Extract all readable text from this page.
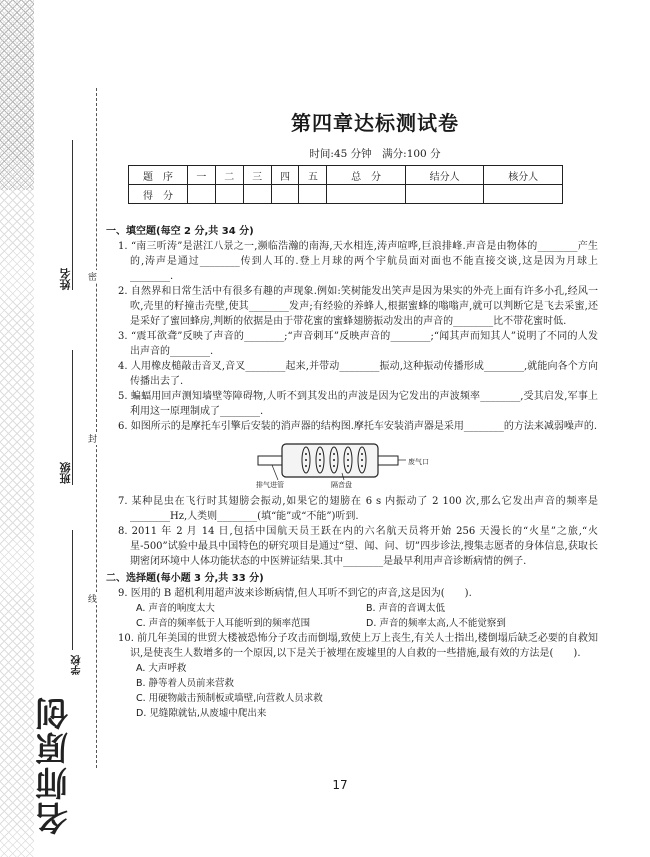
姓名
班级
密
封
线
名师原创
学校
第四章达标测试卷
时间:45 分钟　满分:100 分
题　序	一	二	三	四	五	总　分	结分人	核分人
得　分								
一、填空题(每空 2 分,共 34 分)
1. “南三听涛”是湛江八景之一,濒临浩瀚的南海,天水相连,涛声喧哗,巨浪排峰.声音是由物体的________产生的,涛声是通过________传到人耳的.登上月球的两个宇航员面对面也不能直接交谈,这是因为月球上________.
2. 自然界和日常生活中有很多有趣的声现象.例如:笑树能发出笑声是因为果实的外壳上面有许多小孔,经风一吹,壳里的籽撞击壳壁,使其________发声;有经验的养蜂人,根据蜜蜂的嗡嗡声,就可以判断它是飞去采蜜,还是采好了蜜回蜂房,判断的依据是由于带花蜜的蜜蜂翅膀振动发出的声音的________比不带花蜜时低.
3. “震耳欲聋”反映了声音的________;“声音刺耳”反映声音的________;“闻其声而知其人”说明了不同的人发出声音的________.
4. 人用橡皮槌敲击音叉,音叉________起来,并带动________振动,这种振动传播形成________,就能向各个方向传播出去了.
5. 蝙蝠用回声测知墙壁等障碍物,人听不到其发出的声波是因为它发出的声波频率________,受其启发,军事上利用这一原理制成了________.
6. 如图所示的是摩托车引擎后安装的消声器的结构图.摩托车安装消声器是采用________的方法来减弱噪声的.
排气进管	隔音盘
废气口
7. 某种昆虫在飞行时其翅膀会振动,如果它的翅膀在 6 s 内振动了 2 100 次,那么它发出声音的频率是________Hz,人类则________(填“能”或“不能”)听到.
8. 2011 年 2 月 14 日,包括中国航天员王跃在内的六名航天员将开始 256 天漫长的“火星”之旅,“火星-500”试验中最具中国特色的研究项目是通过“望、闻、问、切”四步诊法,搜集志愿者的身体信息,获取长期密闭环境中人体功能状态的中医辨证结果.其中________是最早利用声音诊断病情的例子.
二、选择题(每小题 3 分,共 33 分)
9. 医用的 B 超机利用超声波来诊断病情,但人耳听不到它的声音,这是因为(　　).
A. 声音的响度太大	B. 声音的音调太低
C. 声音的频率低于人耳能听到的频率范围	D. 声音的频率太高,人不能觉察到
10. 前几年美国的世贸大楼被恐怖分子攻击而倒塌,致使上万上丧生,有关人士指出,楼倒塌后缺乏必要的自救知识,是使丧生人数增多的一个原因,以下是关于被埋在废墟里的人自救的一些措施,最有效的方法是(　　).
A. 大声呼救
B. 静等着人员前来营救
C. 用硬物敲击预制板或墙壁,向营救人员求救
D. 见缝隙就钻,从废墟中爬出来
17
